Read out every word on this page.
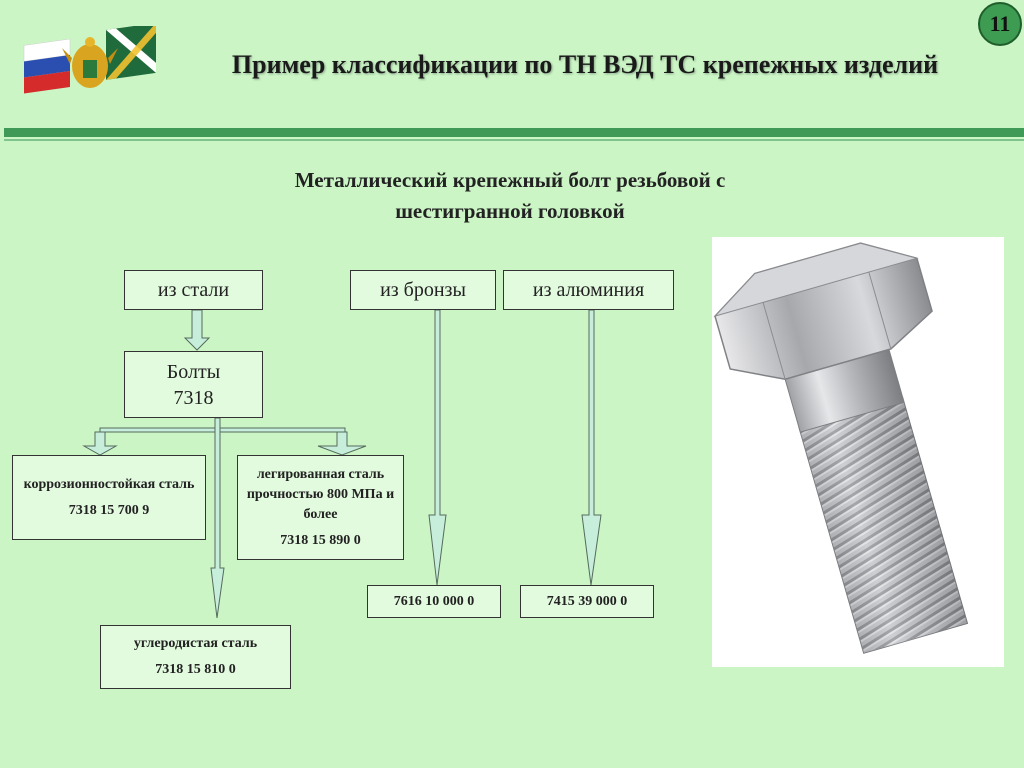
Пример классификации по ТН ВЭД ТС крепежных изделий
11
Металлический крепежный болт резьбовой с
шестигранной головкой
из стали	из бронзы	из алюминия
Болты
7318
коррозионностойкая сталь
7318 15 700 9
легированная сталь прочностью 800 МПа и более
7318 15 890 0
углеродистая сталь
7318 15 810 0
7616 10 000 0	7415 39 000 0
